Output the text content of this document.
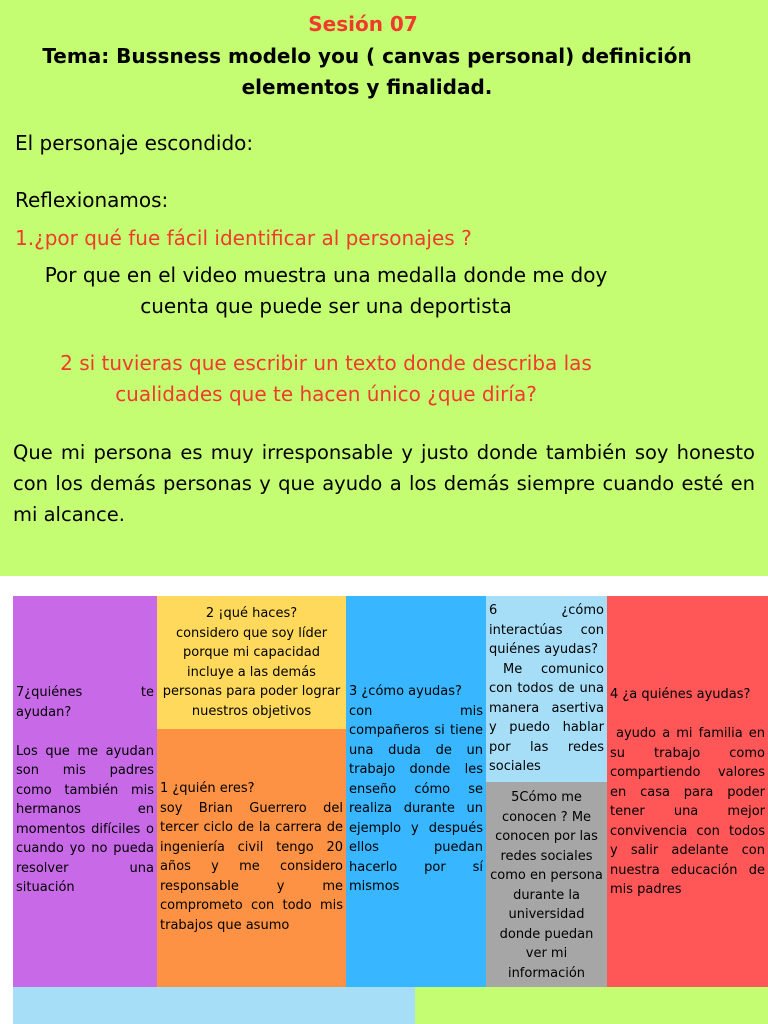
Sesión 07

Tema: Bussness modelo you ( canvas personal) definición

elementos y finalidad.

El personaje escondido:

Reflexionamos:

1.¿por qué fue fácil identificar al personajes ?

Por que en el video muestra una medalla donde me doy

cuenta que puede ser una deportista

2 si tuvieras que escribir un texto donde describa las

cualidades que te hacen único ¿que diría?

Que mi persona es muy irresponsable y justo donde también soy honesto con los demás personas y que ayudo a los demás siempre cuando esté en mi alcance.

7¿quiénes te ayudan?
Los que me ayudan son mis padres como también mis hermanos en momentos difíciles o cuando yo no pueda resolver una situación
2 ¡qué haces?
considero que soy líder porque mi capacidad incluye a las demás personas para poder lograr nuestros objetivos
1 ¿quién eres?
soy Brian Guerrero del tercer ciclo de la carrera de ingeniería civil tengo 20 años y me considero responsable y me comprometo con todo mis trabajos que asumo
3 ¿cómo ayudas?
con mis compañeros si tiene una duda de un trabajo donde les enseño cómo se realiza durante un ejemplo y después ellos puedan hacerlo por sí mismos
6 ¿cómo interactúas con quiénes ayudas?
Me comunico con todos de una manera asertiva y puedo hablar por las redes sociales
5Cómo me conocen ? Me conocen por las redes sociales como en persona durante la universidad donde puedan ver mi información
4 ¿a quiénes ayudas?
ayudo a mi familia en su trabajo como compartiendo valores en casa para poder tener una mejor convivencia con todos y salir adelante con nuestra educación de mis padres
